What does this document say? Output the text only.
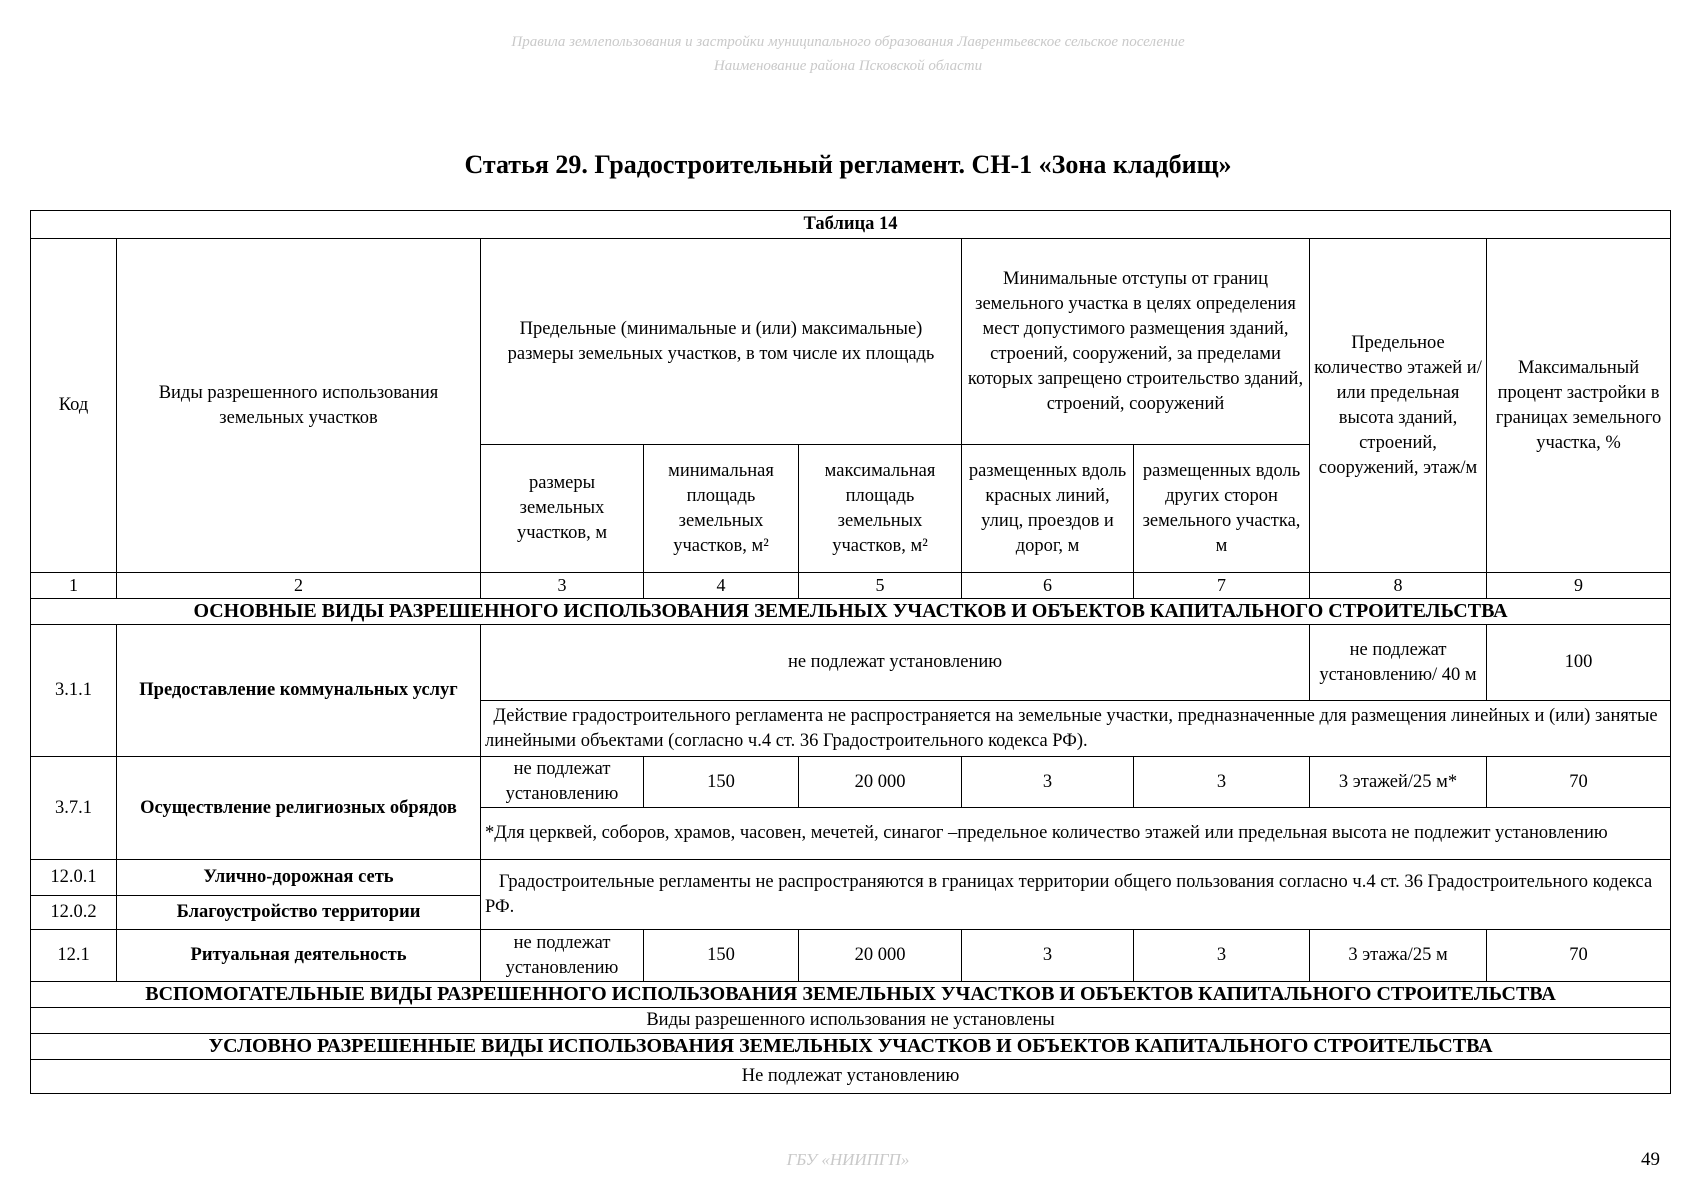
Правила землепользования и застройки муниципального образования Лаврентьевское сельское поселение
Наименование района Псковской области
Статья 29. Градостроительный регламент. СН-1 «Зона кладбищ»
Таблица 14								
Код	Виды разрешенного использования земельных участков	Предельные (минимальные и (или) максимальные) размеры земельных участков, в том числе их площадь			Минимальные отступы от границ земельного участка в целях определения мест допустимого размещения зданий, строений, сооружений, за пределами которых запрещено строительство зданий, строений, сооружений		Предельное количество этажей и/или предельная высота зданий, строений, сооружений, этаж/м	Максимальный процент застройки в границах земельного участка, %
		размеры земельных участков, м	минимальная площадь земельных участков, м²	максимальная площадь земельных участков, м²	размещенных вдоль красных линий, улиц, проездов и дорог, м	размещенных вдоль других сторон земельного участка, м		
1	2	3	4	5	6	7	8	9
ОСНОВНЫЕ ВИДЫ РАЗРЕШЕННОГО ИСПОЛЬЗОВАНИЯ ЗЕМЕЛЬНЫХ УЧАСТКОВ И ОБЪЕКТОВ КАПИТАЛЬНОГО СТРОИТЕЛЬСТВА								
3.1.1	Предоставление коммунальных услуг	не подлежат установлению					не подлежат установлению/ 40 м	100
		Действие градостроительного регламента не распространяется на земельные участки, предназначенные для размещения линейных и (или) занятые линейными объектами (согласно ч.4 ст. 36 Градостроительного кодекса РФ).						
3.7.1	Осуществление религиозных обрядов	не подлежат установлению	150	20 000	3	3	3 этажей/25 м*	70
		*Для церквей, соборов, храмов, часовен, мечетей, синагог –предельное количество этажей или предельная высота не подлежит установлению						
12.0.1	Улично-дорожная сеть	Градостроительные регламенты не распространяются в границах территории общего пользования согласно ч.4 ст. 36 Градостроительного кодекса РФ.						
12.0.2	Благоустройство территории							
12.1	Ритуальная деятельность	не подлежат установлению	150	20 000	3	3	3 этажа/25 м	70
ВСПОМОГАТЕЛЬНЫЕ ВИДЫ РАЗРЕШЕННОГО ИСПОЛЬЗОВАНИЯ ЗЕМЕЛЬНЫХ УЧАСТКОВ И ОБЪЕКТОВ КАПИТАЛЬНОГО СТРОИТЕЛЬСТВА								
Виды разрешенного использования не установлены								
УСЛОВНО РАЗРЕШЕННЫЕ ВИДЫ ИСПОЛЬЗОВАНИЯ ЗЕМЕЛЬНЫХ УЧАСТКОВ И ОБЪЕКТОВ КАПИТАЛЬНОГО СТРОИТЕЛЬСТВА								
Не подлежат установлению								
ГБУ «НИИПГП»	49
